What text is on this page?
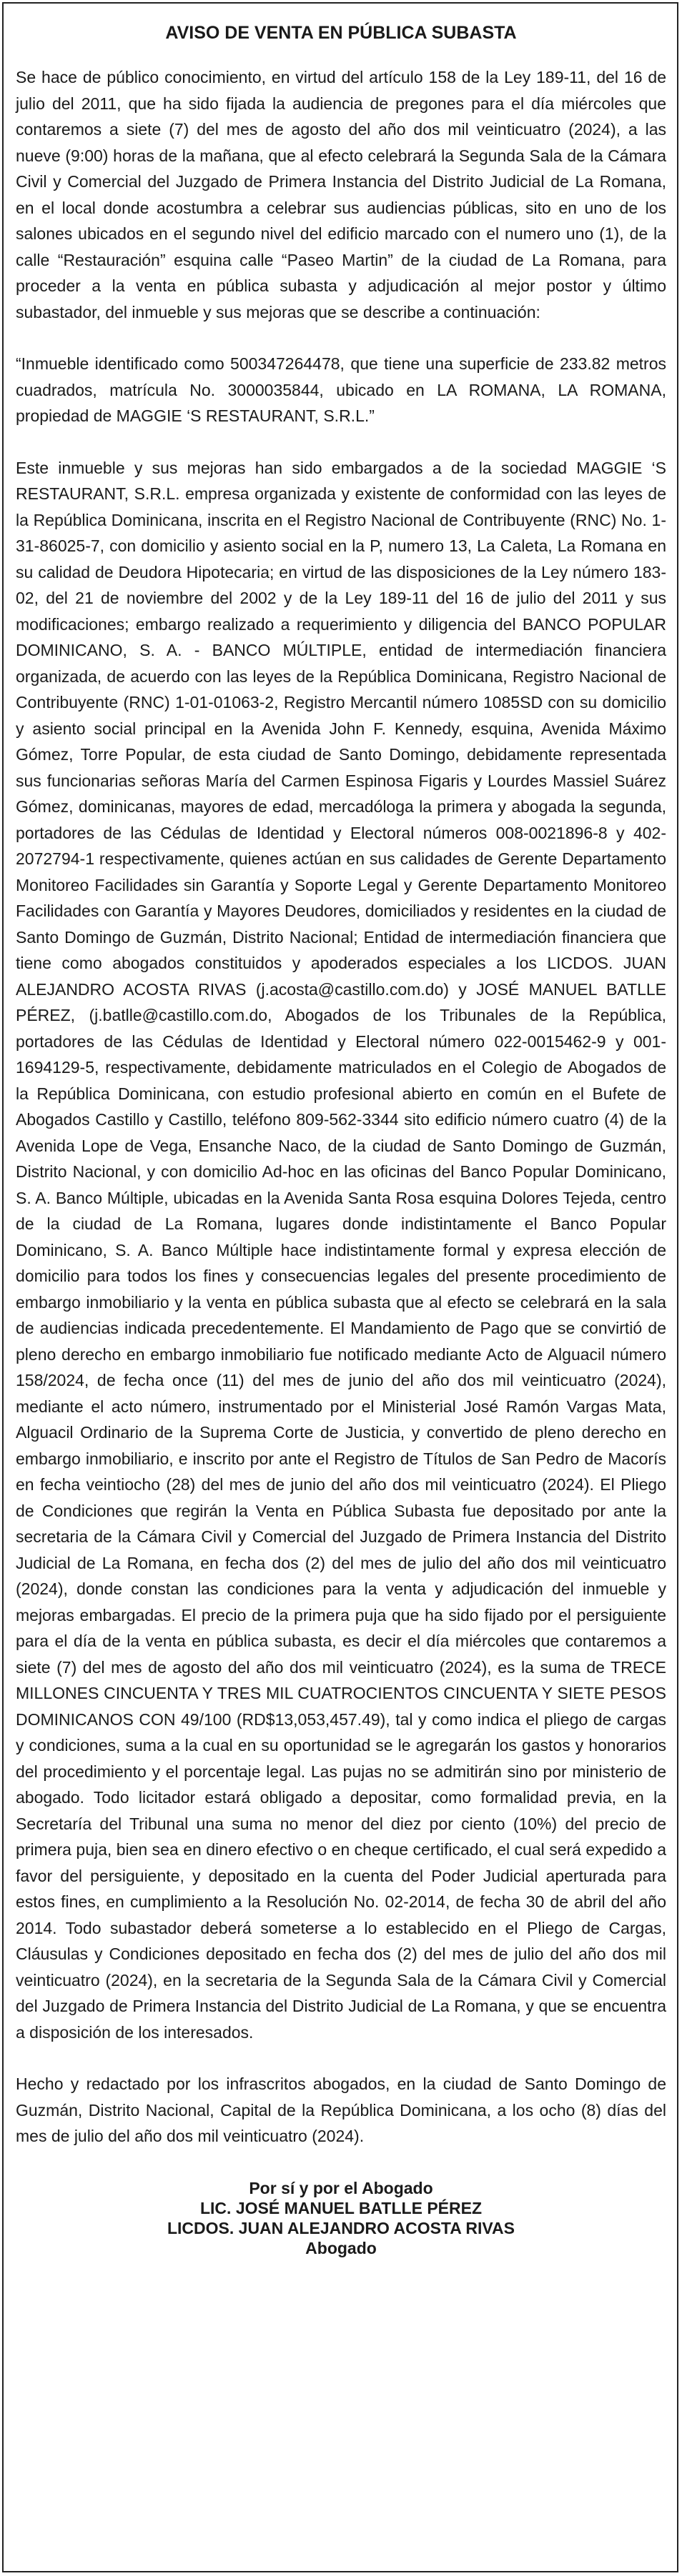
AVISO DE VENTA EN PÚBLICA SUBASTA

Se hace de público conocimiento, en virtud del artículo 158 de la Ley 189-11, del 16 de julio del 2011, que ha sido fijada la audiencia de pregones para el día miércoles que contaremos a siete (7) del mes de agosto del año dos mil veinticuatro (2024), a las nueve (9:00) horas de la mañana, que al efecto celebrará la Segunda Sala de la Cámara Civil y Comercial del Juzgado de Primera Instancia del Distrito Judicial de La Romana, en el local donde acostumbra a celebrar sus audiencias públicas, sito en uno de los salones ubicados en el segundo nivel del edificio marcado con el numero uno (1), de la calle “Restauración” esquina calle “Paseo Martin” de la ciudad de La Romana, para proceder a la venta en pública subasta y adjudicación al mejor postor y último subastador, del inmueble y sus mejoras que se describe a continuación:

“Inmueble identificado como 500347264478, que tiene una superficie de 233.82 metros cuadrados, matrícula No. 3000035844, ubicado en LA ROMANA, LA ROMANA, propiedad de MAGGIE ‘S RESTAURANT, S.R.L.”

Este inmueble y sus mejoras han sido embargados a de la sociedad MAGGIE ‘S RESTAURANT, S.R.L. empresa organizada y existente de conformidad con las leyes de la República Dominicana, inscrita en el Registro Nacional de Contribuyente (RNC) No. 1-31-86025-7, con domicilio y asiento social en la P, numero 13, La Caleta, La Romana en su calidad de Deudora Hipotecaria; en virtud de las disposiciones de la Ley número 183-02, del 21 de noviembre del 2002 y de la Ley 189-11 del 16 de julio del 2011 y sus modificaciones; embargo realizado a requerimiento y diligencia del BANCO POPULAR DOMINICANO, S. A. - BANCO MÚLTIPLE, entidad de intermediación financiera organizada, de acuerdo con las leyes de la República Dominicana, Registro Nacional de Contribuyente (RNC) 1-01-01063-2, Registro Mercantil número 1085SD con su domicilio y asiento social principal en la Avenida John F. Kennedy, esquina, Avenida Máximo Gómez, Torre Popular, de esta ciudad de Santo Domingo, debidamente representada sus funcionarias señoras María del Carmen Espinosa Figaris y Lourdes Massiel Suárez Gómez, dominicanas, mayores de edad, mercadóloga la primera y abogada la segunda, portadores de las Cédulas de Identidad y Electoral números 008-0021896-8 y 402-2072794-1 respectivamente, quienes actúan en sus calidades de Gerente Departamento Monitoreo Facilidades sin Garantía y Soporte Legal y Gerente Departamento Monitoreo Facilidades con Garantía y Mayores Deudores, domiciliados y residentes en la ciudad de Santo Domingo de Guzmán, Distrito Nacional; Entidad de intermediación financiera que tiene como abogados constituidos y apoderados especiales a los LICDOS. JUAN ALEJANDRO ACOSTA RIVAS (j.acosta@castillo.com.do) y JOSÉ MANUEL BATLLE PÉREZ, (j.batlle@castillo.com.do, Abogados de los Tribunales de la República, portadores de las Cédulas de Identidad y Electoral número 022-0015462-9 y 001-1694129-5, respectivamente, debidamente matriculados en el Colegio de Abogados de la República Dominicana, con estudio profesional abierto en común en el Bufete de Abogados Castillo y Castillo, teléfono 809-562-3344 sito edificio número cuatro (4) de la Avenida Lope de Vega, Ensanche Naco, de la ciudad de Santo Domingo de Guzmán, Distrito Nacional, y con domicilio Ad-hoc en las oficinas del Banco Popular Dominicano, S. A. Banco Múltiple, ubicadas en la Avenida Santa Rosa esquina Dolores Tejeda, centro de la ciudad de La Romana, lugares donde indistintamente el Banco Popular Dominicano, S. A. Banco Múltiple hace indistintamente formal y expresa elección de domicilio para todos los fines y consecuencias legales del presente procedimiento de embargo inmobiliario y la venta en pública subasta que al efecto se celebrará en la sala de audiencias indicada precedentemente. El Mandamiento de Pago que se convirtió de pleno derecho en embargo inmobiliario fue notificado mediante Acto de Alguacil número 158/2024, de fecha once (11) del mes de junio del año dos mil veinticuatro (2024), mediante el acto número, instrumentado por el Ministerial José Ramón Vargas Mata, Alguacil Ordinario de la Suprema Corte de Justicia, y convertido de pleno derecho en embargo inmobiliario, e inscrito por ante el Registro de Títulos de San Pedro de Macorís en fecha veintiocho (28) del mes de junio del año dos mil veinticuatro (2024). El Pliego de Condiciones que regirán la Venta en Pública Subasta fue depositado por ante la secretaria de la Cámara Civil y Comercial del Juzgado de Primera Instancia del Distrito Judicial de La Romana, en fecha dos (2) del mes de julio del año dos mil veinticuatro (2024), donde constan las condiciones para la venta y adjudicación del inmueble y mejoras embargadas. El precio de la primera puja que ha sido fijado por el persiguiente para el día de la venta en pública subasta, es decir el día miércoles que contaremos a siete (7) del mes de agosto del año dos mil veinticuatro (2024), es la suma de TRECE MILLONES CINCUENTA Y TRES MIL CUATROCIENTOS CINCUENTA Y SIETE PESOS DOMINICANOS CON 49/100 (RD$13,053,457.49), tal y como indica el pliego de cargas y condiciones, suma a la cual en su oportunidad se le agregarán los gastos y honorarios del procedimiento y el porcentaje legal. Las pujas no se admitirán sino por ministerio de abogado. Todo licitador estará obligado a depositar, como formalidad previa, en la Secretaría del Tribunal una suma no menor del diez por ciento (10%) del precio de primera puja, bien sea en dinero efectivo o en cheque certificado, el cual será expedido a favor del persiguiente, y depositado en la cuenta del Poder Judicial aperturada para estos fines, en cumplimiento a la Resolución No. 02-2014, de fecha 30 de abril del año 2014. Todo subastador deberá someterse a lo establecido en el Pliego de Cargas, Cláusulas y Condiciones depositado en fecha dos (2) del mes de julio del año dos mil veinticuatro (2024), en la secretaria de la Segunda Sala de la Cámara Civil y Comercial del Juzgado de Primera Instancia del Distrito Judicial de La Romana, y que se encuentra a disposición de los interesados.

Hecho y redactado por los infrascritos abogados, en la ciudad de Santo Domingo de Guzmán, Distrito Nacional, Capital de la República Dominicana, a los ocho (8) días del mes de julio del año dos mil veinticuatro (2024).

Por sí y por el Abogado
LIC. JOSÉ MANUEL BATLLE PÉREZ
LICDOS. JUAN ALEJANDRO ACOSTA RIVAS
Abogado
